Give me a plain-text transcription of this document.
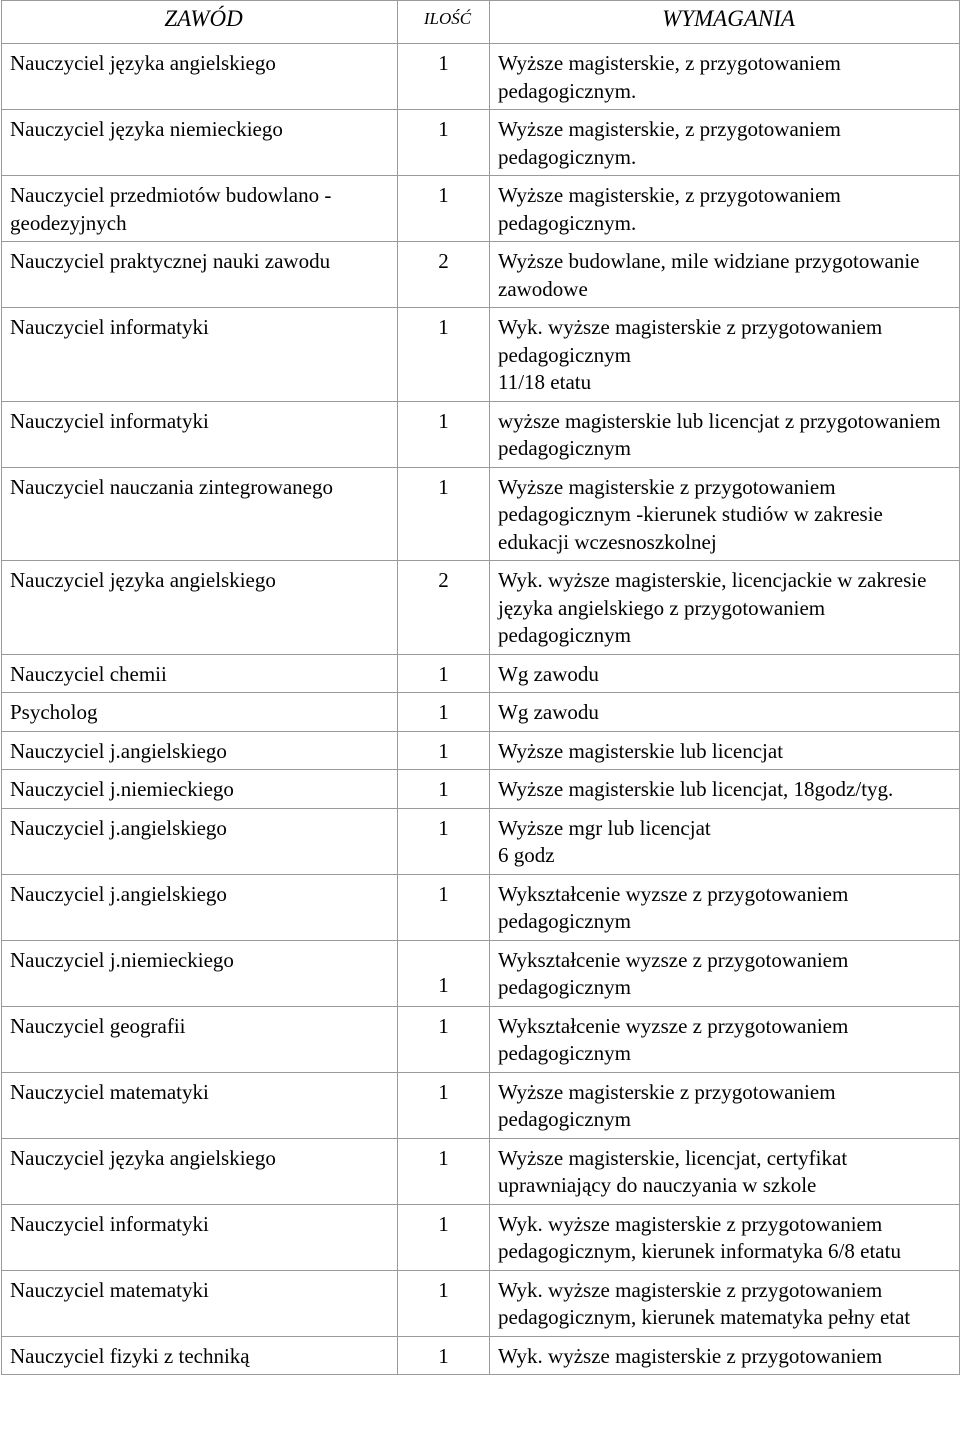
ZAWÓD	ILOŚĆ	WYMAGANIA
Nauczyciel języka angielskiego	1	Wyższe magisterskie, z przygotowaniem pedagogicznym.

Nauczyciel języka niemieckiego	1	Wyższe magisterskie, z przygotowaniem pedagogicznym.

Nauczyciel przedmiotów budowlano -geodezyjnych	1	Wyższe magisterskie, z przygotowaniem pedagogicznym.

Nauczyciel praktycznej nauki zawodu	2	Wyższe budowlane, mile widziane przygotowanie zawodowe

Nauczyciel informatyki	1	Wyk. wyższe magisterskie z przygotowaniem pedagogicznym
11/18 etatu

Nauczyciel informatyki	1	wyższe magisterskie lub licencjat z przygotowaniem pedagogicznym

Nauczyciel nauczania zintegrowanego	1	Wyższe magisterskie z przygotowaniem pedagogicznym -kierunek studiów w zakresie edukacji wczesnoszkolnej

Nauczyciel języka angielskiego	2	Wyk. wyższe magisterskie, licencjackie w zakresie języka angielskiego z przygotowaniem pedagogicznym

Nauczyciel chemii	1	Wg zawodu

Psycholog	1	Wg zawodu

Nauczyciel j.angielskiego	1	Wyższe magisterskie lub licencjat

Nauczyciel j.niemieckiego	1	Wyższe magisterskie lub licencjat, 18godz/tyg.

Nauczyciel j.angielskiego	1	Wyższe mgr lub licencjat
6 godz

Nauczyciel j.angielskiego	1	Wykształcenie wyzsze z przygotowaniem pedagogicznym

Nauczyciel j.niemieckiego	1	Wykształcenie wyzsze z przygotowaniem pedagogicznym

Nauczyciel geografii	1	Wykształcenie wyzsze z przygotowaniem pedagogicznym

Nauczyciel matematyki	1	Wyższe magisterskie z przygotowaniem pedagogicznym

Nauczyciel języka angielskiego	1	Wyższe magisterskie, licencjat, certyfikat uprawniający do nauczyania w szkole

Nauczyciel informatyki	1	Wyk. wyższe magisterskie z przygotowaniem pedagogicznym, kierunek informatyka 6/8 etatu

Nauczyciel matematyki	1	Wyk. wyższe magisterskie z przygotowaniem pedagogicznym, kierunek matematyka pełny etat

Nauczyciel fizyki z techniką	1	Wyk. wyższe magisterskie z przygotowaniem
